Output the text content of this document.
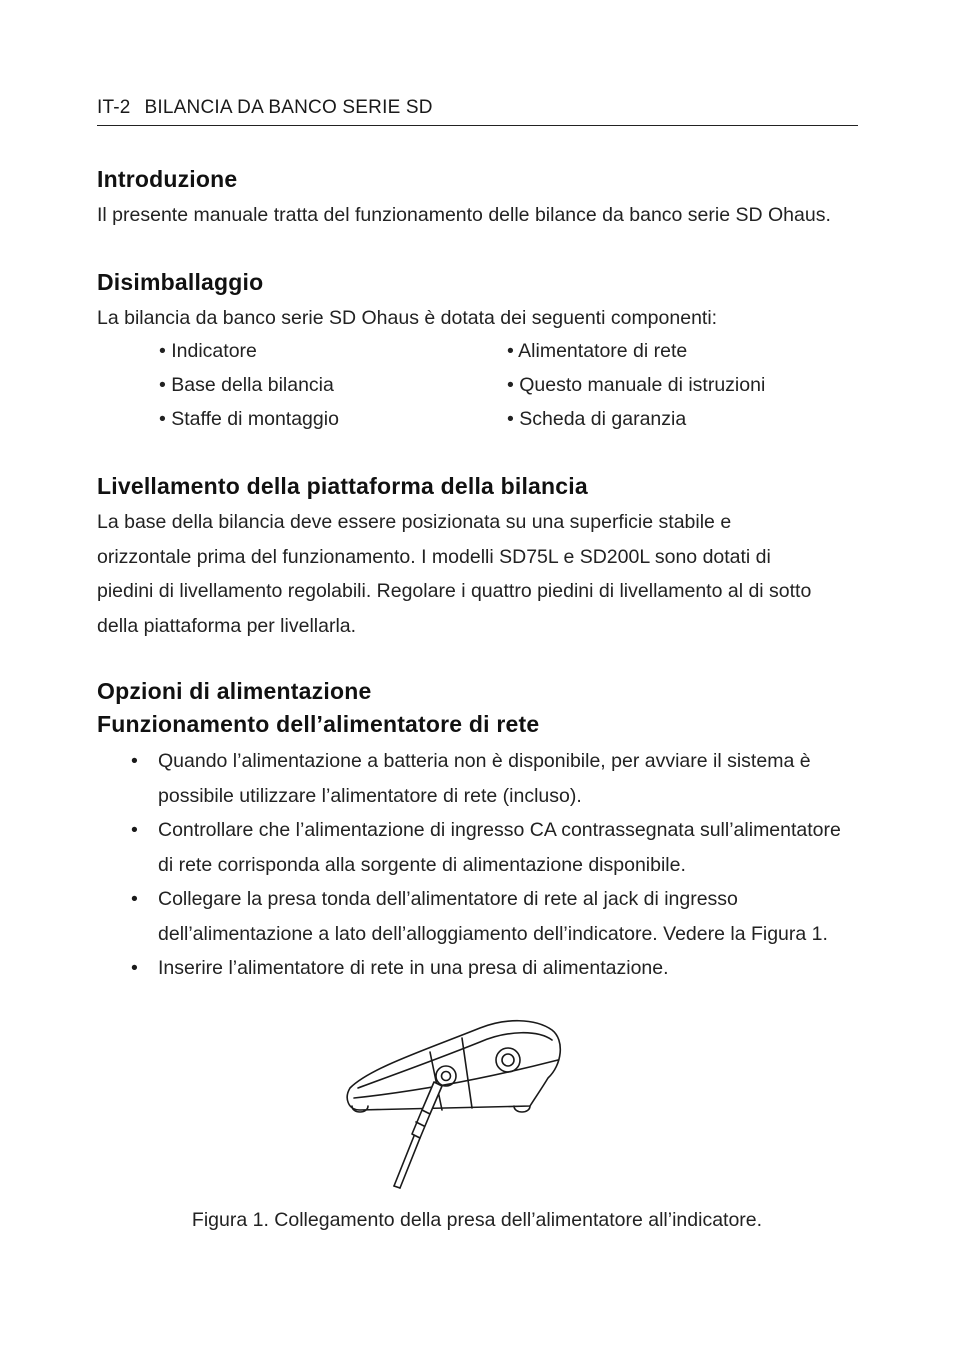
IT-2 BILANCIA DA BANCO SERIE SD
Introduzione
Il presente manuale tratta del funzionamento delle bilance da banco serie SD Ohaus.
Disimballaggio
La bilancia da banco serie SD Ohaus è dotata dei seguenti componenti:
• Indicatore
• Base della bilancia
• Staffe di montaggio
• Alimentatore di rete
• Questo manuale di istruzioni
• Scheda di garanzia
Livellamento della piattaforma della bilancia
La base della bilancia deve essere posizionata su una superficie stabile e
orizzontale prima del funzionamento. I modelli SD75L e SD200L sono dotati di
piedini di livellamento regolabili. Regolare i quattro piedini di livellamento al di sotto
della piattaforma per livellarla.
Opzioni di alimentazione
Funzionamento dell’alimentatore di rete
• Quando l’alimentazione a batteria non è disponibile, per avviare il sistema è
possibile utilizzare l’alimentatore di rete (incluso).
• Controllare che l’alimentazione di ingresso CA contrassegnata sull’alimentatore
di rete corrisponda alla sorgente di alimentazione disponibile.
• Collegare la presa tonda dell’alimentatore di rete al jack di ingresso
dell’alimentazione a lato dell’alloggiamento dell’indicatore. Vedere la Figura 1.
• Inserire l’alimentatore di rete in una presa di alimentazione.
Figura 1. Collegamento della presa dell’alimentatore all’indicatore.
